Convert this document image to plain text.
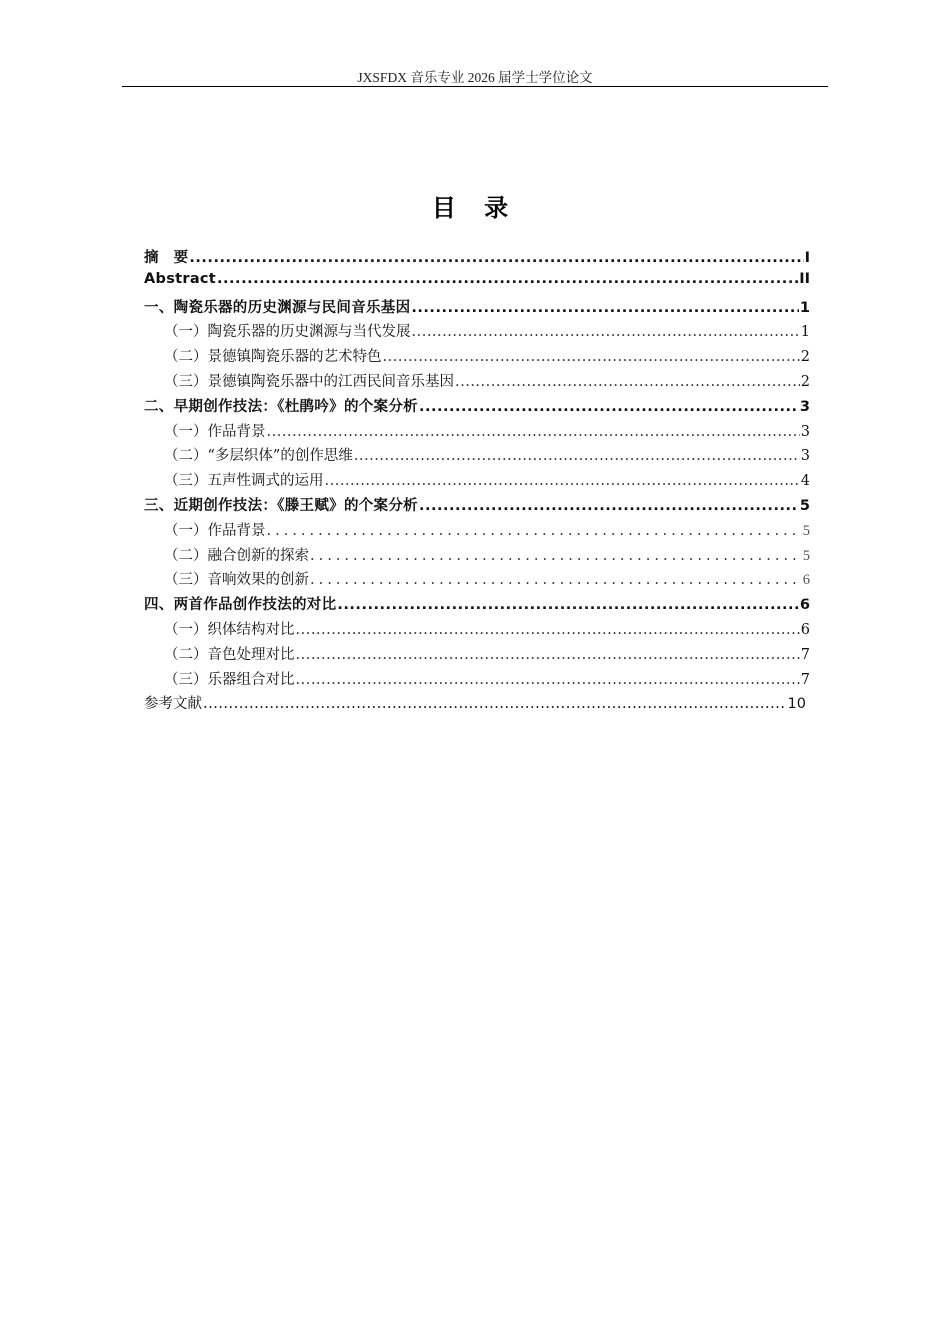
JXSFDX 音乐专业 2026 届学士学位论文
目 录
摘　要 .....	I
Abstract .....	II
一、陶瓷乐器的历史渊源与民间音乐基因 .....	1
（一）陶瓷乐器的历史渊源与当代发展 .....	1
（二）景德镇陶瓷乐器的艺术特色 .....	2
（三）景德镇陶瓷乐器中的江西民间音乐基因 .....	2
二、早期创作技法：《杜鹃吟》的个案分析 .....	3
（一）作品背景 .....	3
（二）“多层织体”的创作思维 .....	3
（三）五声性调式的运用 .....	4
三、近期创作技法：《滕王赋》的个案分析 .....	5
（一）作品背景 .....	5
（二）融合创新的探索 .....	5
（三）音响效果的创新 .....	6
四、两首作品创作技法的对比 .....	6
（一）织体结构对比 .....	6
（二）音色处理对比 .....	7
（三）乐器组合对比 .....	7
参考文献 .....	10
